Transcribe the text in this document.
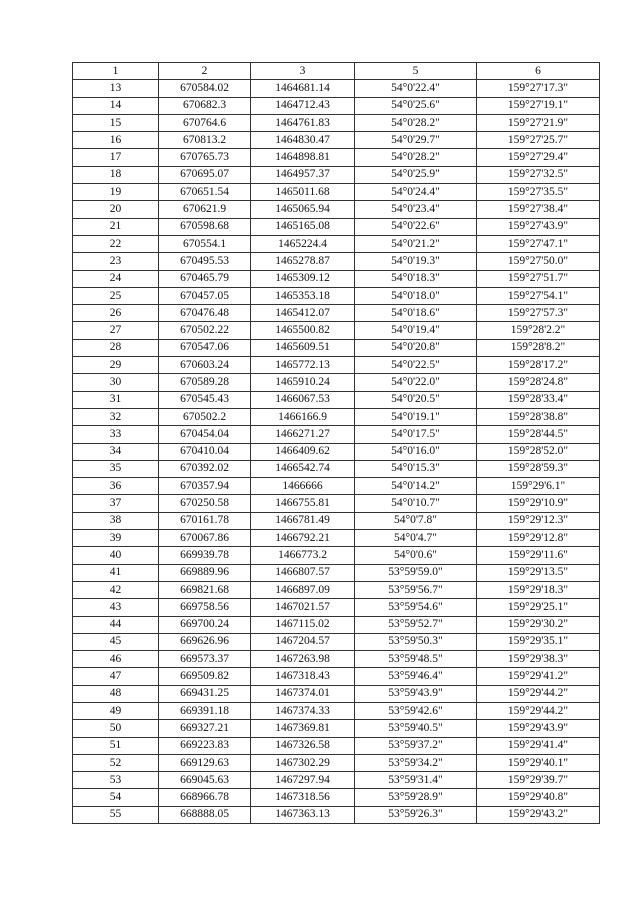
1	2	3	5	6
13	670584.02	1464681.14	54°0'22.4"	159°27'17.3"
14	670682.3	1464712.43	54°0'25.6"	159°27'19.1"
15	670764.6	1464761.83	54°0'28.2"	159°27'21.9"
16	670813.2	1464830.47	54°0'29.7"	159°27'25.7"
17	670765.73	1464898.81	54°0'28.2"	159°27'29.4"
18	670695.07	1464957.37	54°0'25.9"	159°27'32.5"
19	670651.54	1465011.68	54°0'24.4"	159°27'35.5"
20	670621.9	1465065.94	54°0'23.4"	159°27'38.4"
21	670598.68	1465165.08	54°0'22.6"	159°27'43.9"
22	670554.1	1465224.4	54°0'21.2"	159°27'47.1"
23	670495.53	1465278.87	54°0'19.3"	159°27'50.0"
24	670465.79	1465309.12	54°0'18.3"	159°27'51.7"
25	670457.05	1465353.18	54°0'18.0"	159°27'54.1"
26	670476.48	1465412.07	54°0'18.6"	159°27'57.3"
27	670502.22	1465500.82	54°0'19.4"	159°28'2.2"
28	670547.06	1465609.51	54°0'20.8"	159°28'8.2"
29	670603.24	1465772.13	54°0'22.5"	159°28'17.2"
30	670589.28	1465910.24	54°0'22.0"	159°28'24.8"
31	670545.43	1466067.53	54°0'20.5"	159°28'33.4"
32	670502.2	1466166.9	54°0'19.1"	159°28'38.8"
33	670454.04	1466271.27	54°0'17.5"	159°28'44.5"
34	670410.04	1466409.62	54°0'16.0"	159°28'52.0"
35	670392.02	1466542.74	54°0'15.3"	159°28'59.3"
36	670357.94	1466666	54°0'14.2"	159°29'6.1"
37	670250.58	1466755.81	54°0'10.7"	159°29'10.9"
38	670161.78	1466781.49	54°0'7.8"	159°29'12.3"
39	670067.86	1466792.21	54°0'4.7"	159°29'12.8"
40	669939.78	1466773.2	54°0'0.6"	159°29'11.6"
41	669889.96	1466807.57	53°59'59.0"	159°29'13.5"
42	669821.68	1466897.09	53°59'56.7"	159°29'18.3"
43	669758.56	1467021.57	53°59'54.6"	159°29'25.1"
44	669700.24	1467115.02	53°59'52.7"	159°29'30.2"
45	669626.96	1467204.57	53°59'50.3"	159°29'35.1"
46	669573.37	1467263.98	53°59'48.5"	159°29'38.3"
47	669509.82	1467318.43	53°59'46.4"	159°29'41.2"
48	669431.25	1467374.01	53°59'43.9"	159°29'44.2"
49	669391.18	1467374.33	53°59'42.6"	159°29'44.2"
50	669327.21	1467369.81	53°59'40.5"	159°29'43.9"
51	669223.83	1467326.58	53°59'37.2"	159°29'41.4"
52	669129.63	1467302.29	53°59'34.2"	159°29'40.1"
53	669045.63	1467297.94	53°59'31.4"	159°29'39.7"
54	668966.78	1467318.56	53°59'28.9"	159°29'40.8"
55	668888.05	1467363.13	53°59'26.3"	159°29'43.2"
